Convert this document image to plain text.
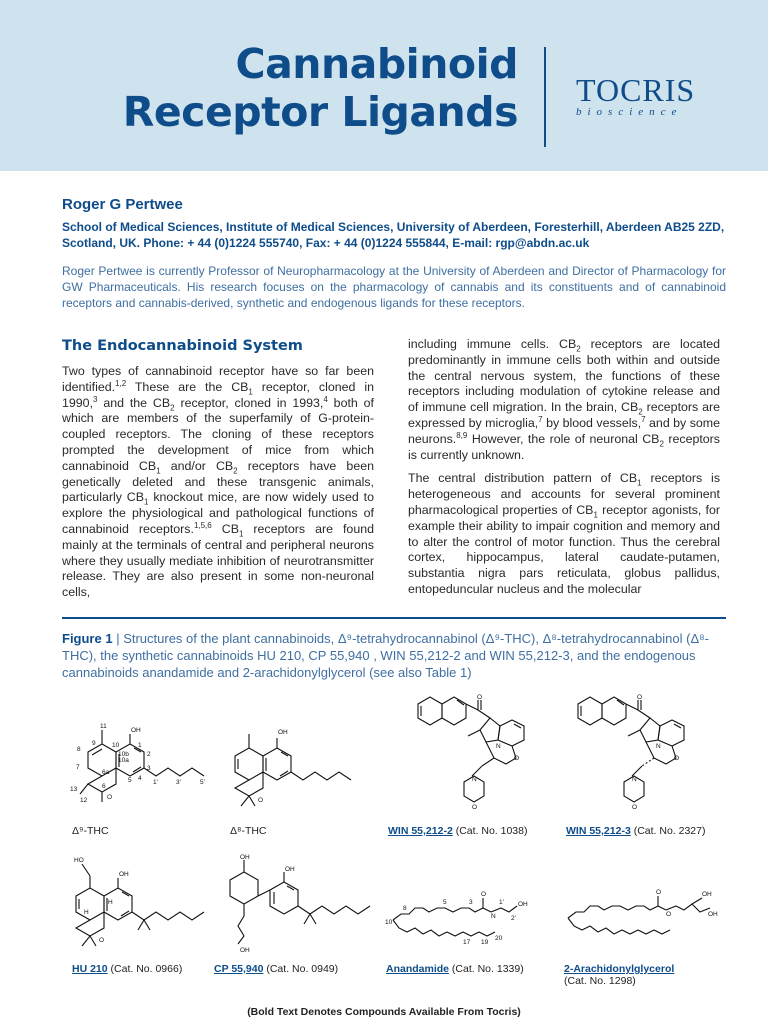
Cannabinoid
Receptor Ligands TOCRIS
bioscience
Roger G Pertwee
School of Medical Sciences, Institute of Medical Sciences, University of Aberdeen, Foresterhill, Aberdeen AB25 2ZD, Scotland, UK. Phone: + 44 (0)1224 555740, Fax: + 44 (0)1224 555844, E-mail: rgp@abdn.ac.uk
Roger Pertwee is currently Professor of Neuropharmacology at the University of Aberdeen and Director of Pharmacology for GW Pharmaceuticals. His research focuses on the pharmacology of cannabis and its constituents and of cannabinoid receptors and cannabis-derived, synthetic and endogenous ligands for these receptors.
The Endocannabinoid System

Two types of cannabinoid receptor have so far been identified.$^{1,2}$ These are the $CB_1$ receptor, cloned in 1990,$^3$ and the $CB_2$ receptor, cloned in 1993,$^4$ both of which are members of the superfamily of G-protein-coupled receptors. The cloning of these receptors prompted the development of mice from which cannabinoid $CB_1$ and/or $CB_2$ receptors have been genetically deleted and these transgenic animals, particularly $CB_1$ knockout mice, are now widely used to explore the physiological and pathological functions of cannabinoid receptors.$^{1,5,6}$ $CB_1$ receptors are found mainly at the terminals of central and peripheral neurons where they usually mediate inhibition of neurotransmitter release. They are also present in some non-neuronal cells,

including immune cells. $CB_2$ receptors are located predominantly in immune cells both within and outside the central nervous system, the functions of these receptors including modulation of cytokine release and of immune cell migration. In the brain, $CB_2$ receptors are expressed by microglia,$^7$ by blood vessels,$^7$ and by some neurons.$^{8,9}$ However, the role of neuronal $CB_2$ receptors is currently unknown.

The central distribution pattern of $CB_1$ receptors is heterogeneous and accounts for several prominent pharmacological properties of $CB_1$ receptor agonists, for example their ability to impair cognition and memory and to alter the control of motor function. Thus the cerebral cortex, hippocampus, lateral caudate-putamen, substantia nigra pars reticulata, globus pallidus, entopeduncular nucleus and the molecular

Figure 1 | Structures of the plant cannabinoids, Δ⁹-tetrahydrocannabinol (Δ⁹-THC), Δ⁸-tetrahydrocannabinol (Δ⁸-THC), the synthetic cannabinoids HU 210, CP 55,940 , WIN 55,212-2 and WIN 55,212-3, and the endogenous cannabinoids anandamide and 2-arachidonylglycerol (see also Table 1)
OH
O
11
9	10
8
10a
1
7
10b	2
6a
3
13	6
5 4
12
1'	3'	5'
Δ⁹-THC
OH
O
Δ⁸-THC
O
N
O
N
O
WIN 55,212-2 (Cat. No. 1038)
O
N
O
N
O
WIN 55,212-3 (Cat. No. 2327)
HO
OH
O
H
H
HU 210 (Cat. No. 0966)
OH
OH
OH
CP 55,940 (Cat. No. 0949)
O
N
OH
8
5	3	1'
10
2'
17 19
20
Anandamide (Cat. No. 1339)
O
O
OH
OH
2-Arachidonylglycerol
(Cat. No. 1298)
(Bold Text Denotes Compounds Available From Tocris)
